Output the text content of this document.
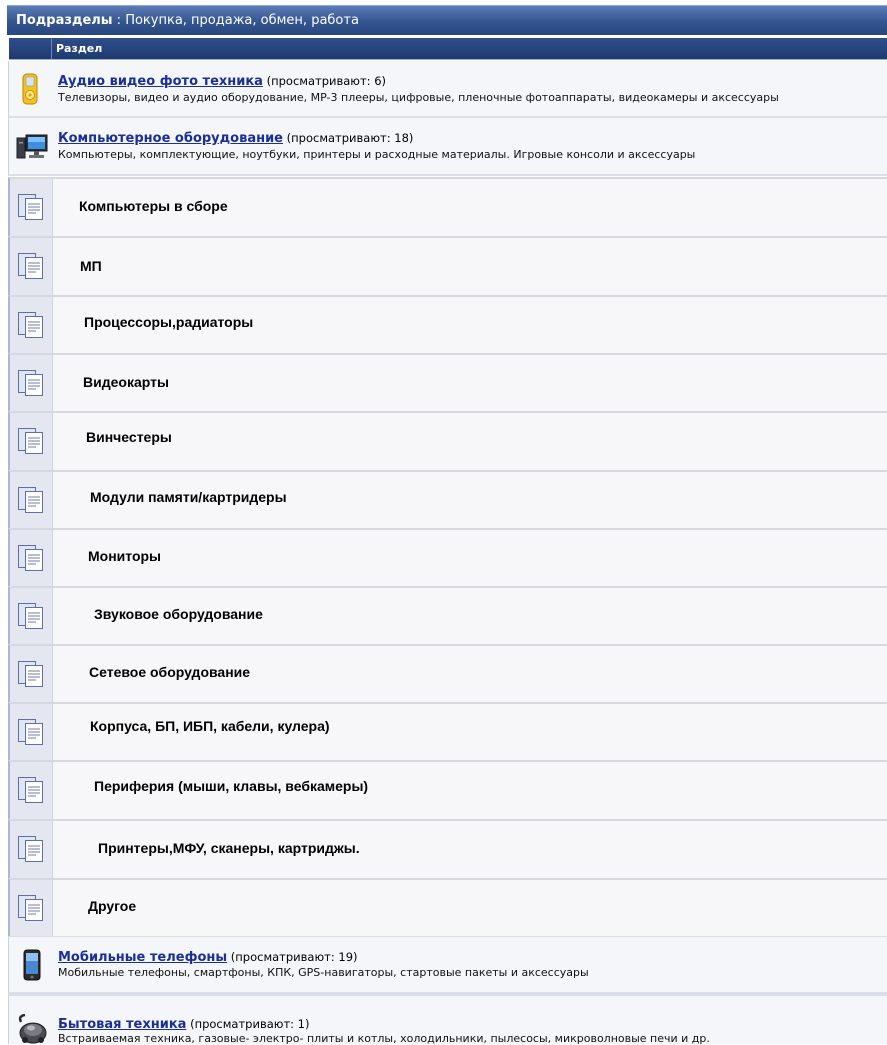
Подразделы : Покупка, продажа, обмен, работа
Раздел
Аудио видео фото техника (просматривают: 6)
Телевизоры, видео и аудио оборудование, MP-3 плееры, цифровые, пленочные фотоаппараты, видеокамеры и аксессуары
Компьютерное оборудование (просматривают: 18)
Компьютеры, комплектующие, ноутбуки, принтеры и расходные материалы. Игровые консоли и аксессуары
Компьютеры в сборе
МП
Процессоры,радиаторы
Видеокарты
Винчестеры
Модули памяти/картридеры
Мониторы
Звуковое оборудование
Сетевое оборудование
Корпуса, БП, ИБП, кабели, кулера)
Периферия (мыши, клавы, вебкамеры)
Принтеры,МФУ, сканеры, картриджы.
Другое
Мобильные телефоны (просматривают: 19)
Мобильные телефоны, смартфоны, КПК, GPS-навигаторы, стартовые пакеты и аксессуары
Бытовая техника (просматривают: 1)
Встраиваемая техника, газовые- электро- плиты и котлы, холодильники, пылесосы, микроволновые печи и др.
